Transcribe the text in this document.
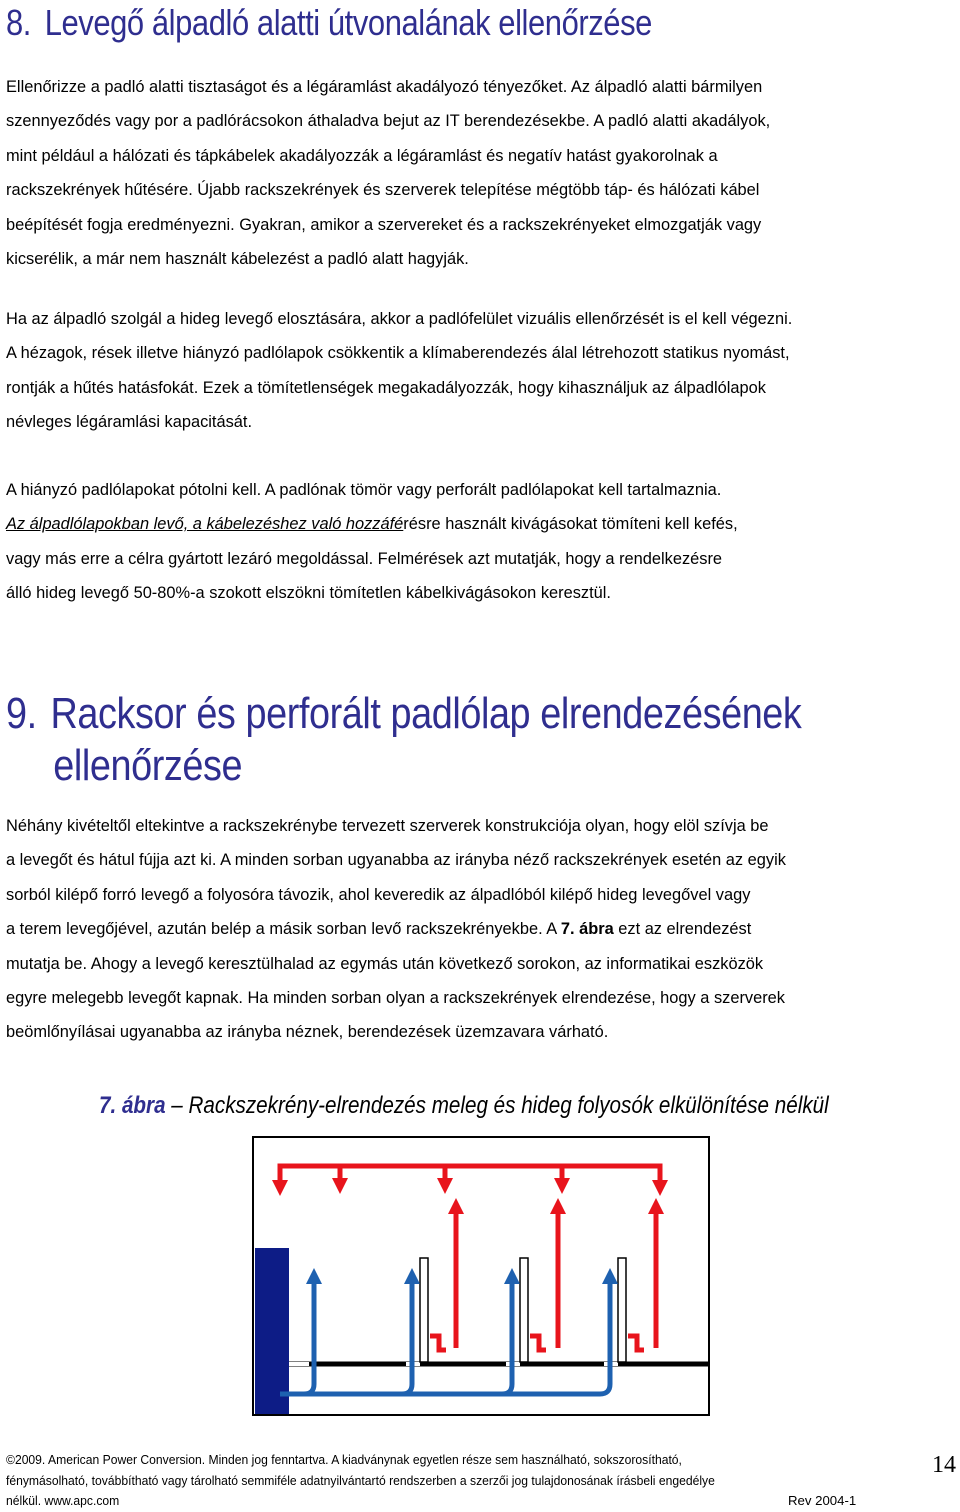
8. Levegő álpadló alatti útvonalának ellenőrzése
Ellenőrizze a padló alatti tisztaságot és a légáramlást akadályozó tényezőket. Az álpadló alatti bármilyen
szennyeződés vagy por a padlórácsokon áthaladva bejut az IT berendezésekbe. A padló alatti akadályok,
mint például a hálózati és tápkábelek akadályozzák a légáramlást és negatív hatást gyakorolnak a
rackszekrények hűtésére. Újabb rackszekrények és szerverek telepítése mégtöbb táp- és hálózati kábel
beépítését fogja eredményezni. Gyakran, amikor a szervereket és a rackszekrényeket elmozgatják vagy
kicserélik, a már nem használt kábelezést a padló alatt hagyják.
Ha az álpadló szolgál a hideg levegő elosztására, akkor a padlófelület vizuális ellenőrzését is el kell végezni.
A hézagok, rések illetve hiányzó padlólapok csökkentik a klímaberendezés álal létrehozott statikus nyomást,
rontják a hűtés hatásfokát. Ezek a tömítetlenségek megakadályozzák, hogy kihasználjuk az álpadlólapok
névleges légáramlási kapacitását.
A hiányzó padlólapokat pótolni kell. A padlónak tömör vagy perforált padlólapokat kell tartalmaznia.
Az álpadlólapokban levő, a kábelezéshez való hozzáférésre használt kivágásokat tömíteni kell kefés,
vagy más erre a célra gyártott lezáró megoldással. Felmérések azt mutatják, hogy a rendelkezésre
álló hideg levegő 50-80%-a szokott elszökni tömítetlen kábelkivágásokon keresztül.
9. Racksor és perforált padlólap elrendezésének
ellenőrzése
Néhány kivételtől eltekintve a rackszekrénybe tervezett szerverek konstrukciója olyan, hogy elöl szívja be
a levegőt és hátul fújja azt ki. A minden sorban ugyanabba az irányba néző rackszekrények esetén az egyik
sorból kilépő forró levegő a folyosóra távozik, ahol keveredik az álpadlóból kilépő hideg levegővel vagy
a terem levegőjével, azután belép a másik sorban levő rackszekrényekbe. A 7. ábra ezt az elrendezést
mutatja be. Ahogy a levegő keresztülhalad az egymás után következő sorokon, az informatikai eszközök
egyre melegebb levegőt kapnak. Ha minden sorban olyan a rackszekrények elrendezése, hogy a szerverek
beömlőnyílásai ugyanabba az irányba néznek, berendezések üzemzavara várható.

7. ábra – Rackszekrény-elrendezés meleg és hideg folyosók elkülönítése nélkül

©2009. American Power Conversion. Minden jog fenntartva. A kiadványnak egyetlen része sem használható, sokszorosítható,
fénymásolható, továbbítható vagy tárolható semmiféle adatnyilvántartó rendszerben a szerzői jog tulajdonosának írásbeli engedélye
nélkül. www.apc.com	Rev 2004-1
14
